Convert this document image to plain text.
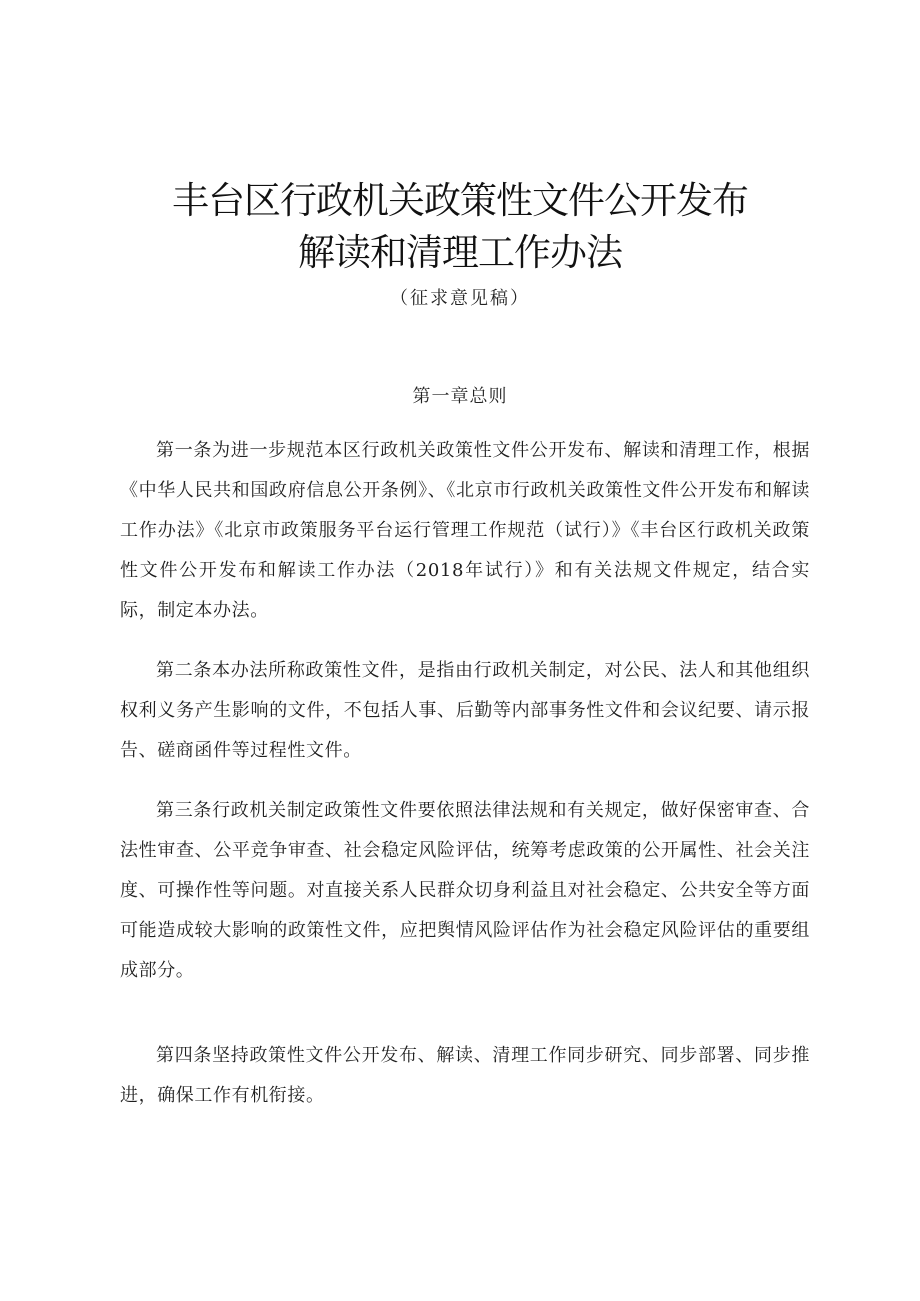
丰台区行政机关政策性文件公开发布
解读和清理工作办法
（征求意见稿）
第一章总则

第一条为进一步规范本区行政机关政策性文件公开发布、解读和清理工作，根据《中华人民共和国政府信息公开条例》、《北京市行政机关政策性文件公开发布和解读工作办法》《北京市政策服务平台运行管理工作规范（试行）》《丰台区行政机关政策性文件公开发布和解读工作办法（2018年试行）》和有关法规文件规定，结合实际，制定本办法。

第二条本办法所称政策性文件，是指由行政机关制定，对公民、法人和其他组织权利义务产生影响的文件，不包括人事、后勤等内部事务性文件和会议纪要、请示报告、磋商函件等过程性文件。

第三条行政机关制定政策性文件要依照法律法规和有关规定，做好保密审查、合法性审查、公平竞争审查、社会稳定风险评估，统筹考虑政策的公开属性、社会关注度、可操作性等问题。对直接关系人民群众切身利益且对社会稳定、公共安全等方面可能造成较大影响的政策性文件，应把舆情风险评估作为社会稳定风险评估的重要组成部分。

第四条坚持政策性文件公开发布、解读、清理工作同步研究、同步部署、同步推进，确保工作有机衔接。
